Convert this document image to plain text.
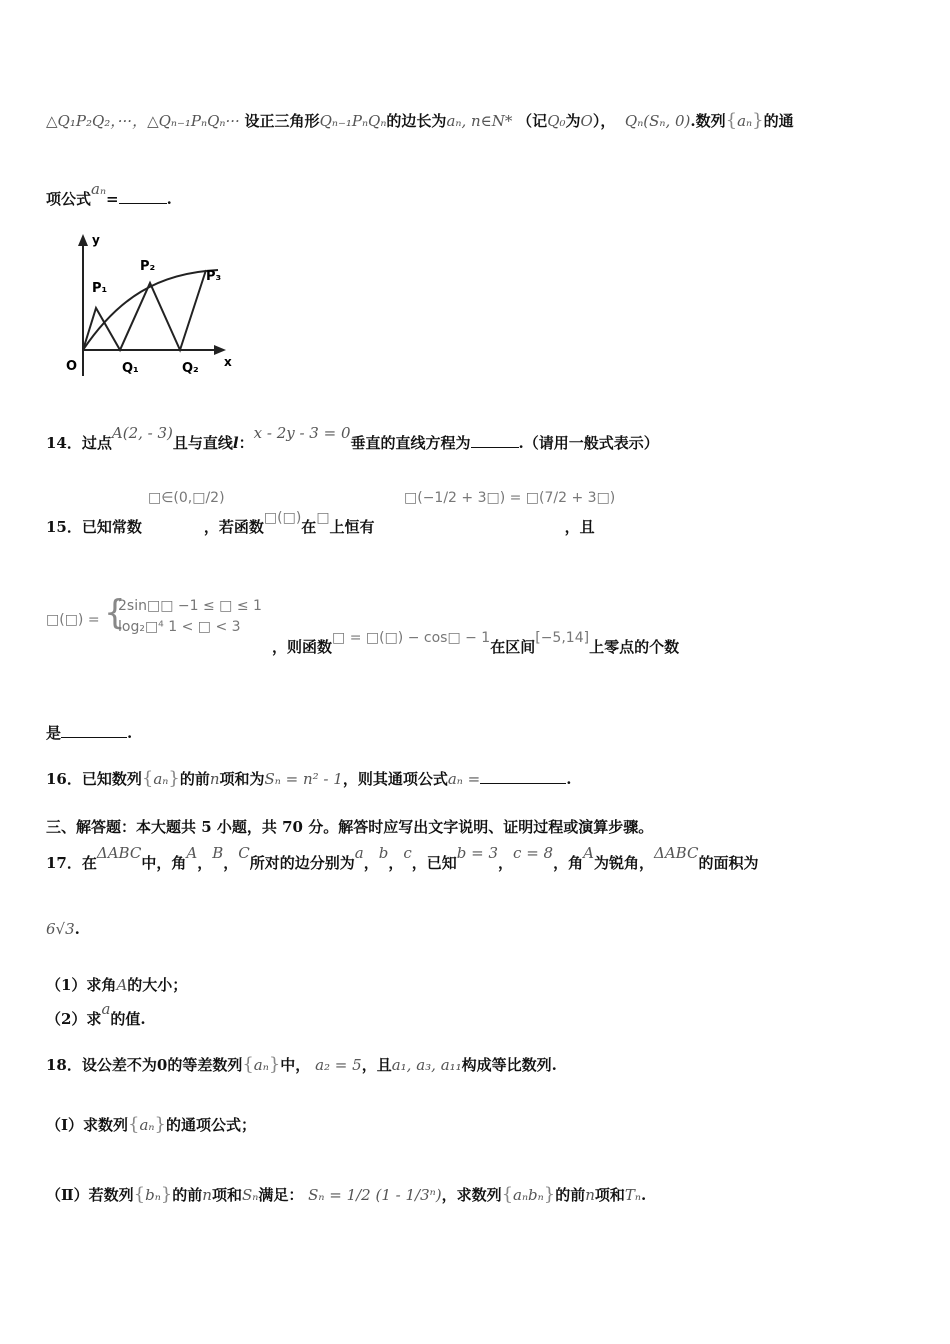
△Q₁P₂Q₂，···，△Qₙ₋₁PₙQₙ··· 设正三角形Qₙ₋₁PₙQₙ的边长为aₙ, n∈N* （记Q₀为O）， Qₙ(Sₙ, 0).数列{aₙ}的通
项公式aₙ=	.
y
x
O
P₁
P₂
P₃
Q₁	Q₂
14．过点A(2, - 3)且与直线l：x - 2y - 3 = 0垂直的直线方程为	.（请用一般式表示）
□∈(0,□/2)	□(−1/2 + 3□) = □(7/2 + 3□)
15．已知常数	，若函数□(□)在□上恒有	，且
□(□) = {
2sin□□ −1 ≤ □ ≤ 1
log₂□⁴ 1 < □ < 3
，则函数□ = □(□) − cos□ − 1在区间[−5,14]上零点的个数
是	.
16．已知数列{aₙ}的前n项和为Sₙ = n² - 1，则其通项公式aₙ =	.
三、解答题：本大题共 5 小题，共 70 分。解答时应写出文字说明、证明过程或演算步骤。
17．在ΔABC中，角A，B，C所对的边分别为a，b，c，已知b = 3，c = 8，角A为锐角，ΔABC的面积为
6√3.
（1）求角A的大小；
（2）求a的值.
18．设公差不为0的等差数列{aₙ}中， a₂ = 5，且a₁, a₃, a₁₁构成等比数列.
（Ⅰ）求数列{aₙ}的通项公式；
（Ⅱ）若数列{bₙ}的前n项和Sₙ满足： Sₙ = 1/2 (1 - 1/3ⁿ)，求数列{aₙbₙ}的前n项和Tₙ.
